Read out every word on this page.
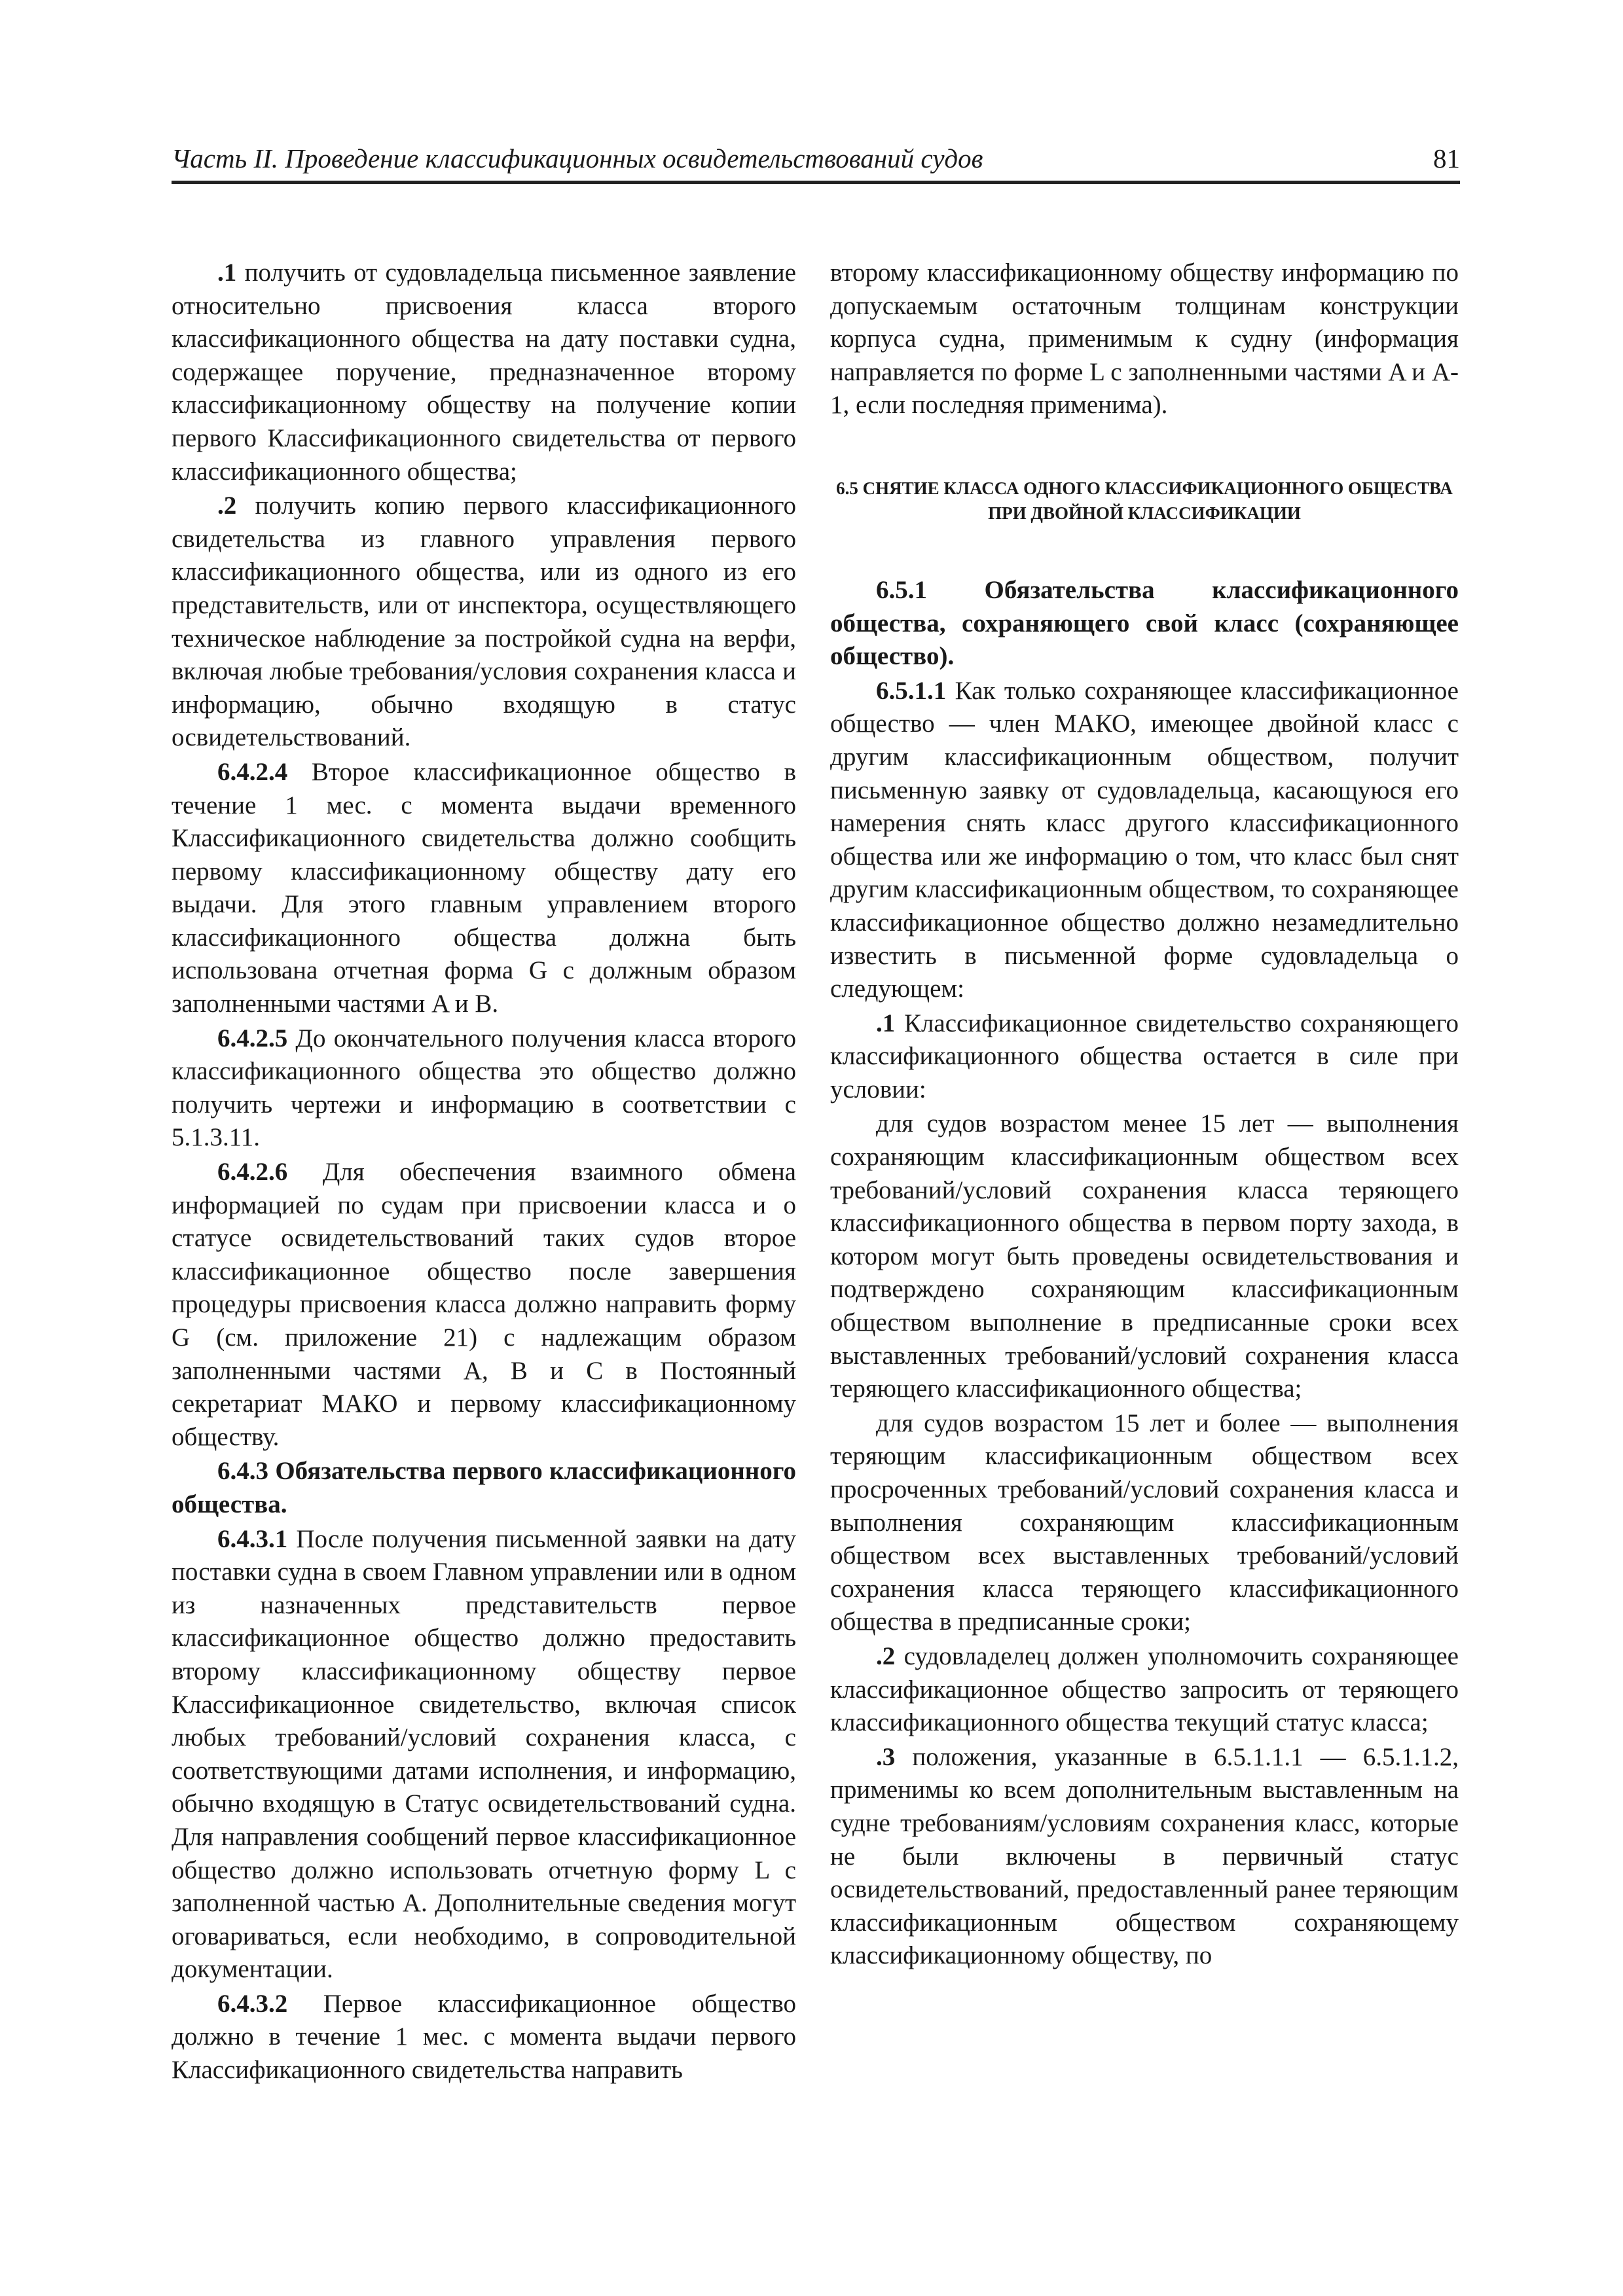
Часть II. Проведение классификационных освидетельствований судов	81

.1 получить от судовладельца письменное заявление относительно присвоения класса второго классификационного общества на дату поставки судна, содержащее поручение, предназначенное второму классификационному обществу на получение копии первого Классификационного свидетельства от первого классификационного общества;

.2 получить копию первого классификационного свидетельства из главного управления первого классификационного общества, или из одного из его представительств, или от инспектора, осуществляющего техническое наблюдение за постройкой судна на верфи, включая любые требования/условия сохранения класса и информацию, обычно входящую в статус освидетельствований.

6.4.2.4 Второе классификационное общество в течение 1 мес. с момента выдачи временного Классификационного свидетельства должно сообщить первому классификационному обществу дату его выдачи. Для этого главным управлением второго классификационного общества должна быть использована отчетная форма G с должным образом заполненными частями A и B.

6.4.2.5 До окончательного получения класса второго классификационного общества это общество должно получить чертежи и информацию в соответствии с 5.1.3.11.

6.4.2.6 Для обеспечения взаимного обмена информацией по судам при присвоении класса и о статусе освидетельствований таких судов второе классификационное общество после завершения процедуры присвоения класса должно направить форму G (см. приложение 21) с надлежащим образом заполненными частями A, B и C в Постоянный секретариат МАКО и первому классификационному обществу.

6.4.3 Обязательства первого классификационного общества.

6.4.3.1 После получения письменной заявки на дату поставки судна в своем Главном управлении или в одном из назначенных представительств первое классификационное общество должно предоставить второму классификационному обществу первое Классификационное свидетельство, включая список любых требований/условий сохранения класса, с соответствующими датами исполнения, и информацию, обычно входящую в Статус освидетельствований судна. Для направления сообщений первое классификационное общество должно использовать отчетную форму L с заполненной частью A. Дополнительные сведения могут оговариваться, если необходимо, в сопроводительной документации.

6.4.3.2 Первое классификационное общество должно в течение 1 мес. с момента выдачи первого Классификационного свидетельства направить

второму классификационному обществу информацию по допускаемым остаточным толщинам конструкции корпуса судна, применимым к судну (информация направляется по форме L с заполненными частями A и A-1, если последняя применима).

6.5 СНЯТИЕ КЛАССА ОДНОГО КЛАССИФИКАЦИОННОГО ОБЩЕСТВА ПРИ ДВОЙНОЙ КЛАССИФИКАЦИИ

6.5.1 Обязательства классификационного общества, сохраняющего свой класс (сохраняющее общество).

6.5.1.1 Как только сохраняющее классификационное общество — член МАКО, имеющее двойной класс с другим классификационным обществом, получит письменную заявку от судовладельца, касающуюся его намерения снять класс другого классификационного общества или же информацию о том, что класс был снят другим классификационным обществом, то сохраняющее классификационное общество должно незамедлительно известить в письменной форме судовладельца о следующем:

.1 Классификационное свидетельство сохраняющего классификационного общества остается в силе при условии:

для судов возрастом менее 15 лет — выполнения сохраняющим классификационным обществом всех требований/условий сохранения класса теряющего классификационного общества в первом порту захода, в котором могут быть проведены освидетельствования и подтверждено сохраняющим классификационным обществом выполнение в предписанные сроки всех выставленных требований/условий сохранения класса теряющего классификационного общества;

для судов возрастом 15 лет и более — выполнения теряющим классификационным обществом всех просроченных требований/условий сохранения класса и выполнения сохраняющим классификационным обществом всех выставленных требований/условий сохранения класса теряющего классификационного общества в предписанные сроки;

.2 судовладелец должен уполномочить сохраняющее классификационное общество запросить от теряющего классификационного общества текущий статус класса;

.3 положения, указанные в 6.5.1.1.1 — 6.5.1.1.2, применимы ко всем дополнительным выставленным на судне требованиям/условиям сохранения класс, которые не были включены в первичный статус освидетельствований, предоставленный ранее теряющим классификационным обществом сохраняющему классификационному обществу, по
